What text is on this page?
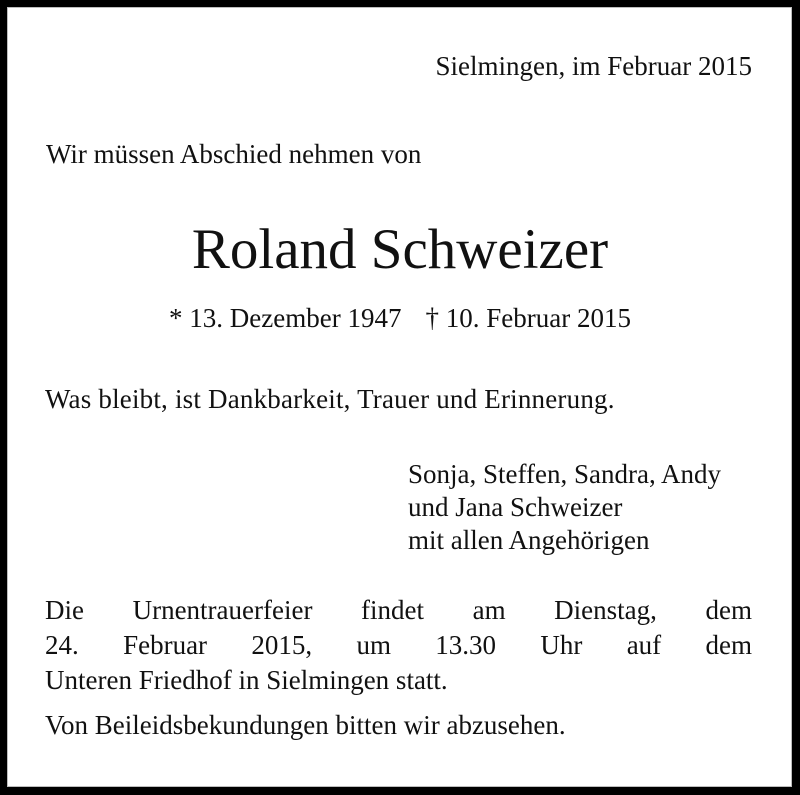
Sielmingen, im Februar 2015
Wir müssen Abschied nehmen von
Roland Schweizer
* 13. Dezember 1947 † 10. Februar 2015
Was bleibt, ist Dankbarkeit, Trauer und Erinnerung.
Sonja, Steffen, Sandra, Andy
und Jana Schweizer
mit allen Angehörigen
Die Urnentrauerfeier findet am Dienstag, dem
24. Februar 2015, um 13.30 Uhr auf dem
Unteren Friedhof in Sielmingen statt.
Von Beileidsbekundungen bitten wir abzusehen.
